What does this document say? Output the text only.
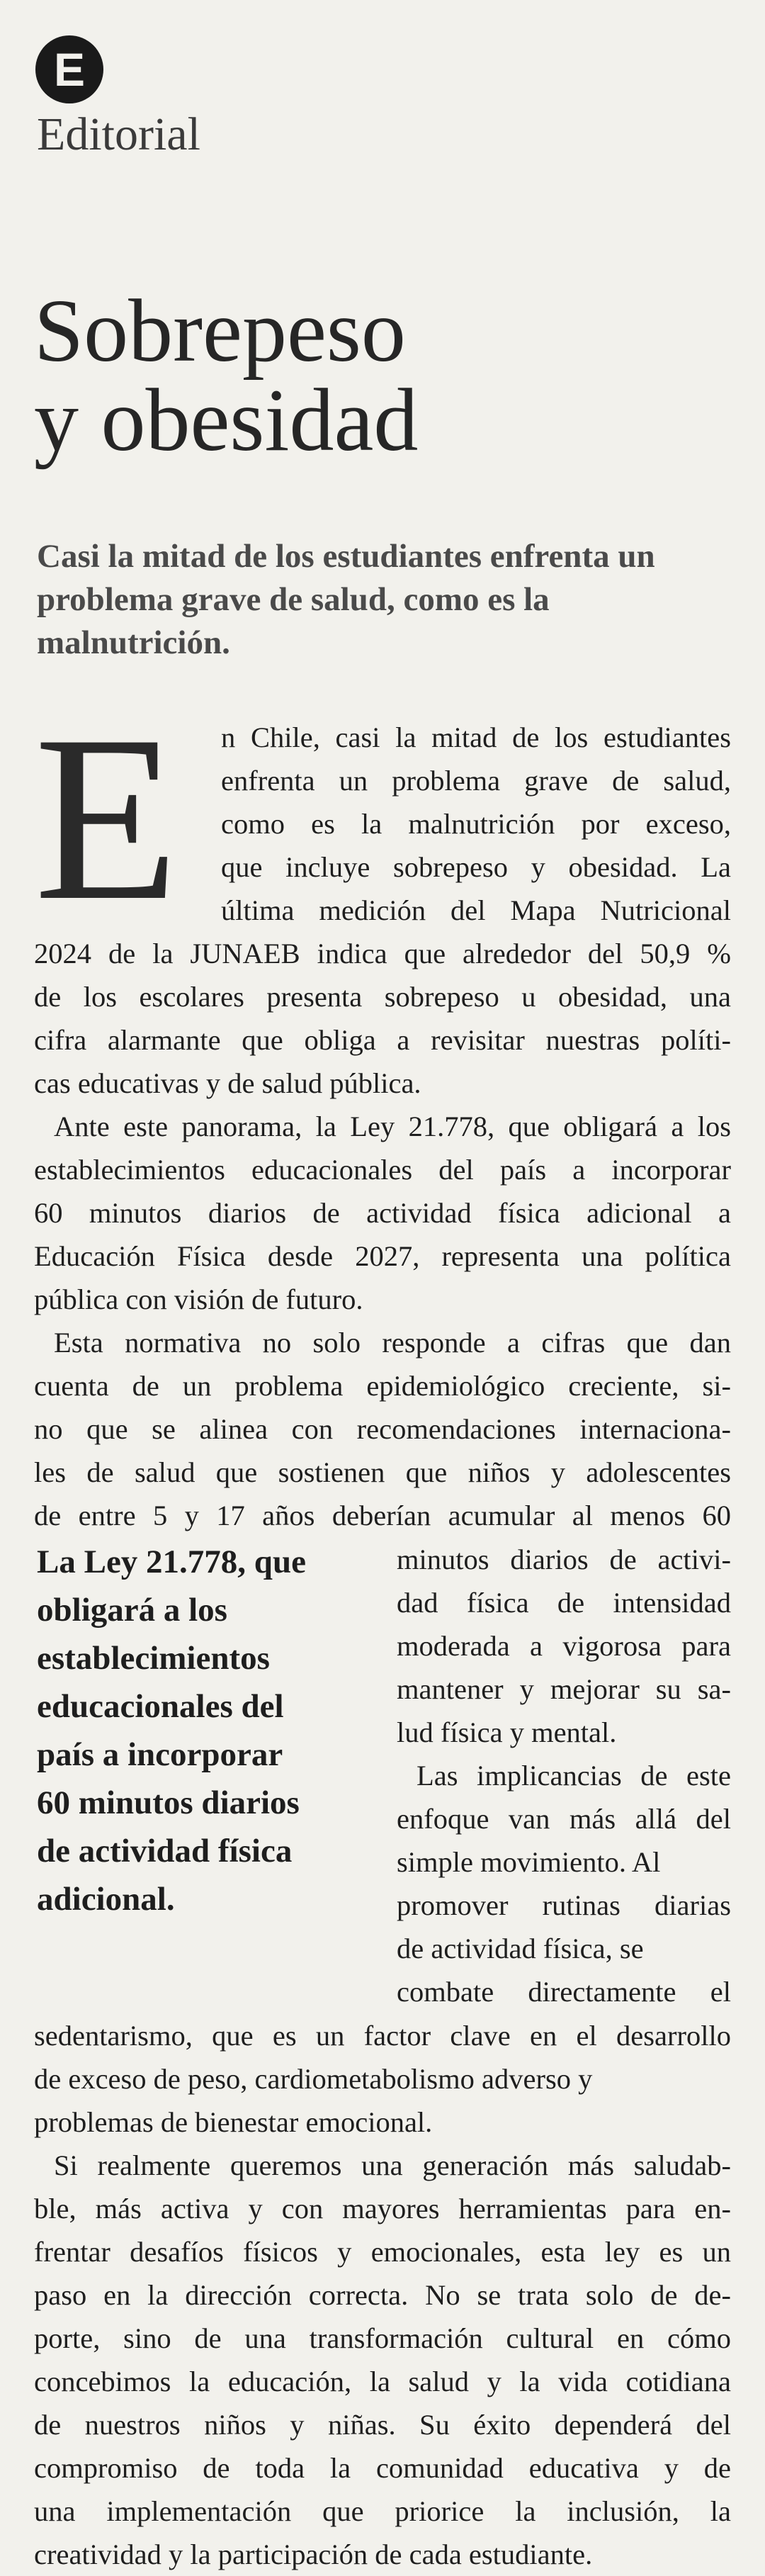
E
Editorial
Sobrepeso
y obesidad

Casi la mitad de los estudiantes enfrenta un problema grave de salud, como es la malnutrición.

E n Chile, casi la mitad de los estudiantes
enfrenta un problema grave de salud,
como es la malnutrición por exceso,
que incluye sobrepeso y obesidad. La
última medición del Mapa Nutricional
2024 de la JUNAEB indica que alrededor del 50,9 %
de los escolares presenta sobrepeso u obesidad, una
cifra alarmante que obliga a revisitar nuestras políti-
cas educativas y de salud pública.
Ante este panorama, la Ley 21.778, que obligará a los
establecimientos educacionales del país a incorporar
60 minutos diarios de actividad física adicional a
Educación Física desde 2027, representa una política
pública con visión de futuro.
Esta normativa no solo responde a cifras que dan
cuenta de un problema epidemiológico creciente, si-
no que se alinea con recomendaciones internaciona-
les de salud que sostienen que niños y adolescentes
de entre 5 y 17 años deberían acumular al menos 60
La Ley 21.778, que
obligará a los
establecimientos
educacionales del
país a incorporar
60 minutos diarios
de actividad física
adicional.
minutos diarios de activi-
dad física de intensidad
moderada a vigorosa para
mantener y mejorar su sa-
lud física y mental.
Las implicancias de este
enfoque van más allá del
simple movimiento. Al
promover rutinas diarias
de actividad física, se
combate directamente el
sedentarismo, que es un factor clave en el desarrollo
de exceso de peso, cardiometabolismo adverso y
problemas de bienestar emocional.
Si realmente queremos una generación más saludab-
ble, más activa y con mayores herramientas para en-
frentar desafíos físicos y emocionales, esta ley es un
paso en la dirección correcta. No se trata solo de de-
porte, sino de una transformación cultural en cómo
concebimos la educación, la salud y la vida cotidiana
de nuestros niños y niñas. Su éxito dependerá del
compromiso de toda la comunidad educativa y de
una implementación que priorice la inclusión, la
creatividad y la participación de cada estudiante.
